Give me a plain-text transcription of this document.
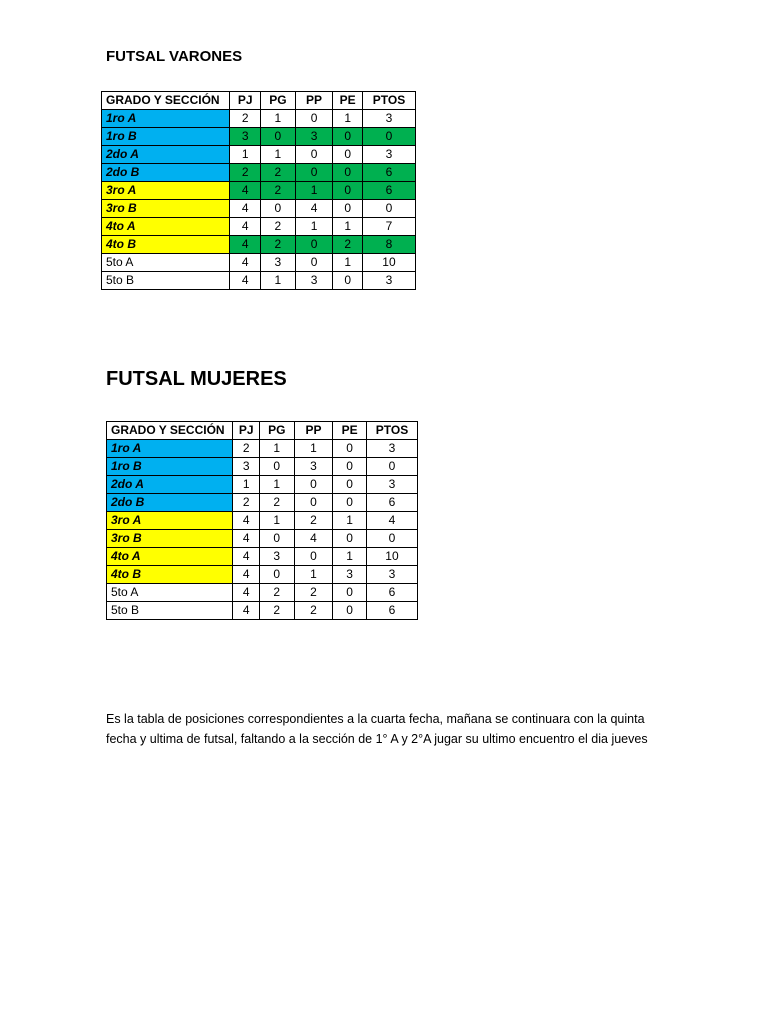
FUTSAL VARONES
GRADO Y SECCIÓN	PJ	PG	PP	PE	PTOS
1ro A	2	1	0	1	3
1ro B	3	0	3	0	0
2do A	1	1	0	0	3
2do B	2	2	0	0	6
3ro A	4	2	1	0	6
3ro B	4	0	4	0	0
4to A	4	2	1	1	7
4to B	4	2	0	2	8
5to A	4	3	0	1	10
5to B	4	1	3	0	3
FUTSAL MUJERES
GRADO Y SECCIÓN	PJ	PG	PP	PE	PTOS
1ro A	2	1	1	0	3
1ro B	3	0	3	0	0
2do A	1	1	0	0	3
2do B	2	2	0	0	6
3ro A	4	1	2	1	4
3ro B	4	0	4	0	0
4to A	4	3	0	1	10
4to B	4	0	1	3	3
5to A	4	2	2	0	6
5to B	4	2	2	0	6
Es la tabla de posiciones correspondientes a la cuarta fecha, mañana se continuara con la quinta
fecha y ultima de futsal, faltando a la sección de 1° A y 2°A jugar su ultimo encuentro el dia jueves
